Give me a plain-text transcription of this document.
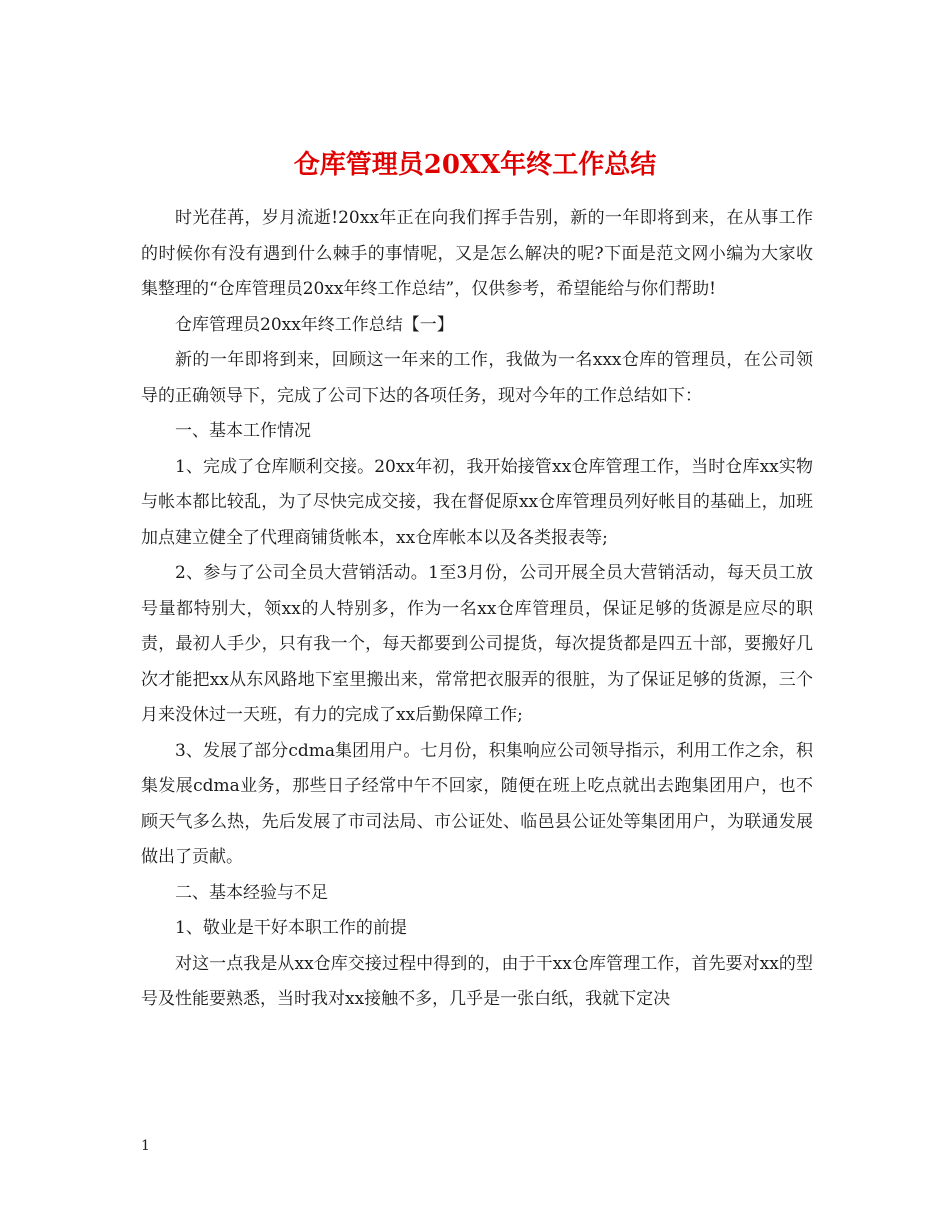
仓库管理员20XX年终工作总结

时光荏苒，岁月流逝!20xx年正在向我们挥手告别，新的一年即将到来，在从事工作的时候你有没有遇到什么棘手的事情呢，又是怎么解决的呢?下面是范文网小编为大家收集整理的“仓库管理员20xx年终工作总结”，仅供参考，希望能给与你们帮助!

仓库管理员20xx年终工作总结【一】

新的一年即将到来，回顾这一年来的工作，我做为一名xxx仓库的管理员，在公司领导的正确领导下，完成了公司下达的各项任务，现对今年的工作总结如下：

一、基本工作情况

1、完成了仓库顺利交接。20xx年初，我开始接管xx仓库管理工作，当时仓库xx实物与帐本都比较乱，为了尽快完成交接，我在督促原xx仓库管理员列好帐目的基础上，加班加点建立健全了代理商铺货帐本，xx仓库帐本以及各类报表等;

2、参与了公司全员大营销活动。1至3月份，公司开展全员大营销活动，每天员工放号量都特别大，领xx的人特别多，作为一名xx仓库管理员，保证足够的货源是应尽的职责，最初人手少，只有我一个，每天都要到公司提货，每次提货都是四五十部，要搬好几次才能把xx从东风路地下室里搬出来，常常把衣服弄的很脏，为了保证足够的货源，三个月来没休过一天班，有力的完成了xx后勤保障工作;

3、发展了部分cdma集团用户。七月份，积集响应公司领导指示，利用工作之余，积集发展cdma业务，那些日子经常中午不回家，随便在班上吃点就出去跑集团用户，也不顾天气多么热，先后发展了市司法局、市公证处、临邑县公证处等集团用户，为联通发展做出了贡献。

二、基本经验与不足

1、敬业是干好本职工作的前提

对这一点我是从xx仓库交接过程中得到的，由于干xx仓库管理工作，首先要对xx的型号及性能要熟悉，当时我对xx接触不多，几乎是一张白纸，我就下定决

1
